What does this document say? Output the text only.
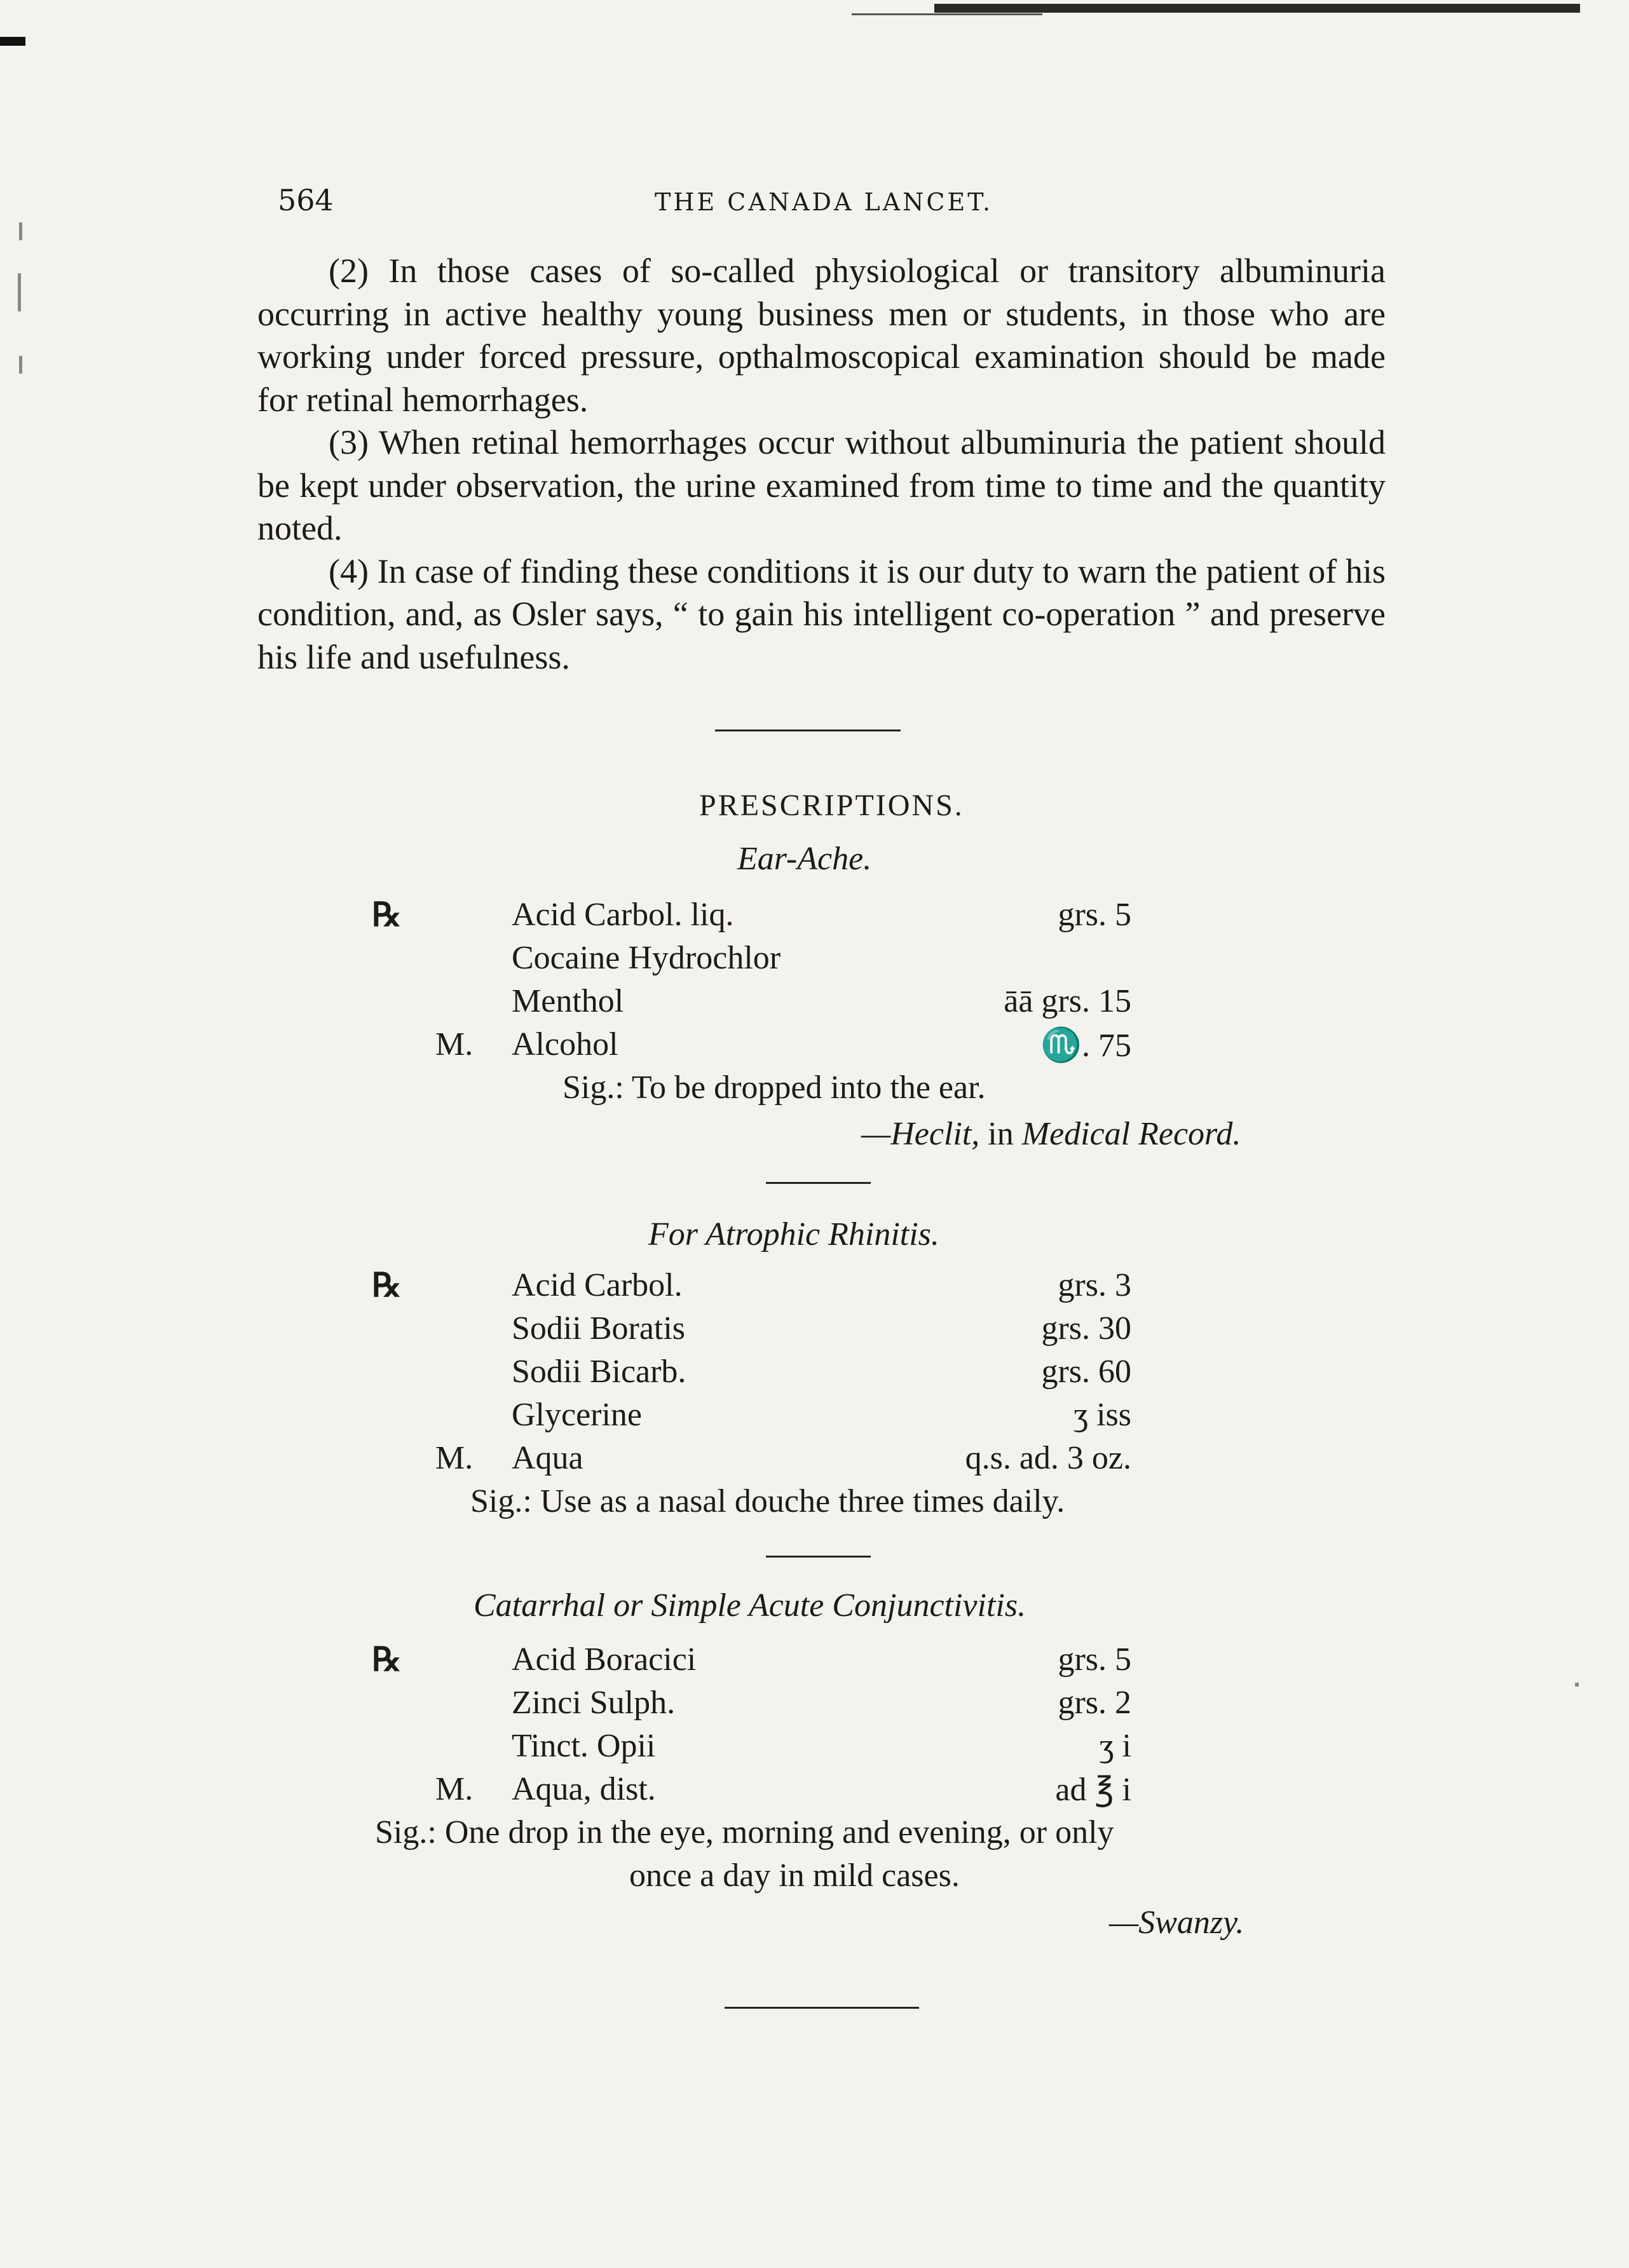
564	THE CANADA LANCET.

(2) In those cases of so-called physiological or transitory albuminuria occurring in active healthy young business men or students, in those who are working under forced pressure, opthalmoscopical examination should be made for retinal hemorrhages.

(3) When retinal hemorrhages occur without albuminuria the patient should be kept under observation, the urine examined from time to time and the quantity noted.

(4) In case of finding these conditions it is our duty to warn the patient of his condition, and, as Osler says, “ to gain his intelligent co-operation ” and preserve his life and usefulness.

PRESCRIPTIONS.
Ear-Ache.
℞	Acid Carbol. liq.	grs. 5
Cocaine Hydrochlor
Menthol	āā grs. 15
M. Alcohol	♏. 75
Sig.: To be dropped into the ear.
—Heclit, in Medical Record.
For Atrophic Rhinitis.
℞	Acid Carbol.	grs. 3
Sodii Boratis	grs. 30
Sodii Bicarb.	grs. 60
Glycerine	ʒ iss
M. Aqua	q.s. ad. 3 oz.
Sig.: Use as a nasal douche three times daily.
Catarrhal or Simple Acute Conjunctivitis.
℞	Acid Boracici	grs. 5
Zinci Sulph.	grs. 2
Tinct. Opii	ʒ i
M. Aqua, dist.	ad ℥ i
Sig.: One drop in the eye, morning and evening, or only
once a day in mild cases.
—Swanzy.
